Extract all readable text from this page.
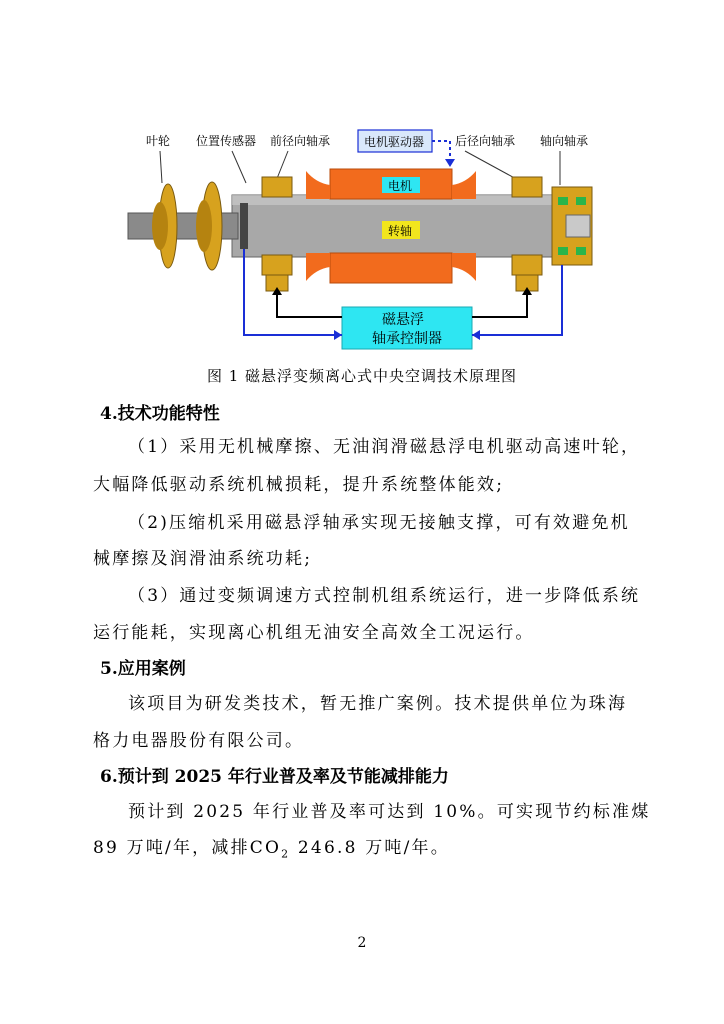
叶轮 位置传感器 前径向轴承	电机驱动器	后径向轴承 轴向轴承
电机
转轴
磁悬浮
轴承控制器
图 1 磁悬浮变频离心式中央空调技术原理图
4.技术功能特性
（1）采用无机械摩擦、无油润滑磁悬浮电机驱动高速叶轮，
大幅降低驱动系统机械损耗，提升系统整体能效;
（2)压缩机采用磁悬浮轴承实现无接触支撑，可有效避免机
械摩擦及润滑油系统功耗;
（3）通过变频调速方式控制机组系统运行，进一步降低系统
运行能耗，实现离心机组无油安全高效全工况运行。
5.应用案例
该项目为研发类技术，暂无推广案例。技术提供单位为珠海
格力电器股份有限公司。
6.预计到 2025 年行业普及率及节能减排能力
预计到 2025 年行业普及率可达到 10%。可实现节约标准煤
89 万吨/年，减排$CO_2$ 246.8 万吨/年。
2
